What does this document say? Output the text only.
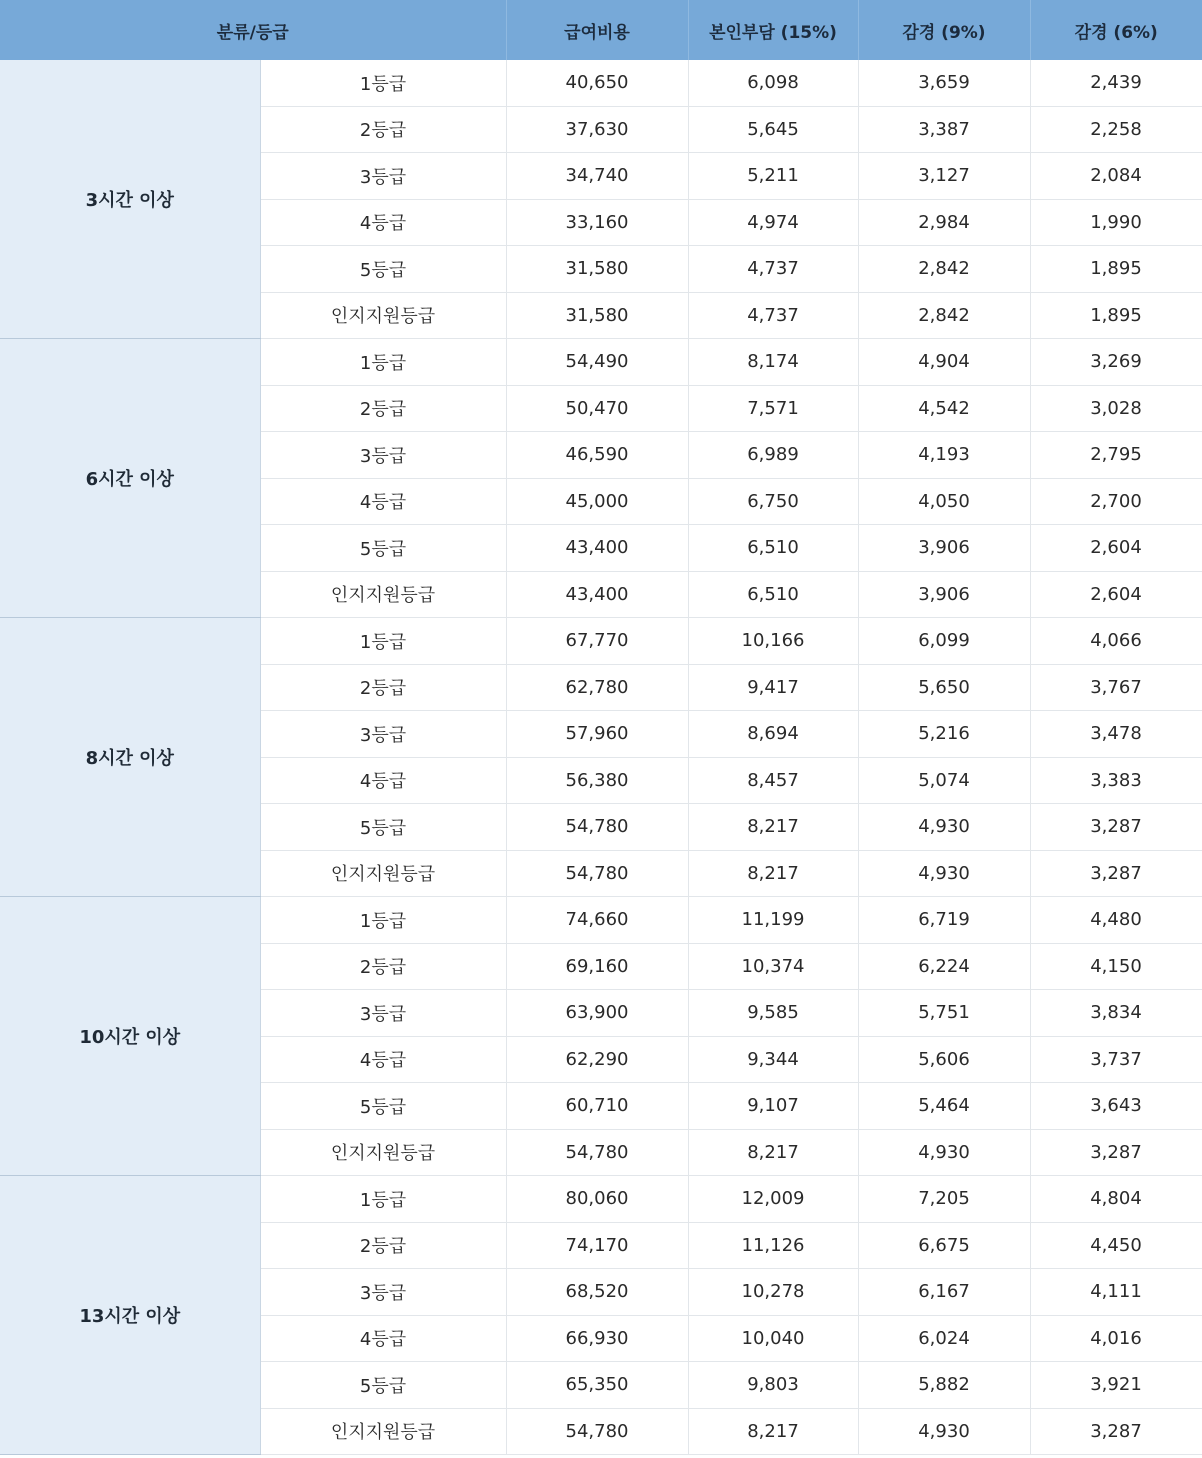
분류/등급		급여비용	본인부담 (15%)	감경 (9%)	감경 (6%)
3시간 이상	1등급	40,650	6,098	3,659	2,439
	2등급	37,630	5,645	3,387	2,258
	3등급	34,740	5,211	3,127	2,084
	4등급	33,160	4,974	2,984	1,990
	5등급	31,580	4,737	2,842	1,895
	인지지원등급	31,580	4,737	2,842	1,895
6시간 이상	1등급	54,490	8,174	4,904	3,269
	2등급	50,470	7,571	4,542	3,028
	3등급	46,590	6,989	4,193	2,795
	4등급	45,000	6,750	4,050	2,700
	5등급	43,400	6,510	3,906	2,604
	인지지원등급	43,400	6,510	3,906	2,604
8시간 이상	1등급	67,770	10,166	6,099	4,066
	2등급	62,780	9,417	5,650	3,767
	3등급	57,960	8,694	5,216	3,478
	4등급	56,380	8,457	5,074	3,383
	5등급	54,780	8,217	4,930	3,287
	인지지원등급	54,780	8,217	4,930	3,287
10시간 이상	1등급	74,660	11,199	6,719	4,480
	2등급	69,160	10,374	6,224	4,150
	3등급	63,900	9,585	5,751	3,834
	4등급	62,290	9,344	5,606	3,737
	5등급	60,710	9,107	5,464	3,643
	인지지원등급	54,780	8,217	4,930	3,287
13시간 이상	1등급	80,060	12,009	7,205	4,804
	2등급	74,170	11,126	6,675	4,450
	3등급	68,520	10,278	6,167	4,111
	4등급	66,930	10,040	6,024	4,016
	5등급	65,350	9,803	5,882	3,921
	인지지원등급	54,780	8,217	4,930	3,287
